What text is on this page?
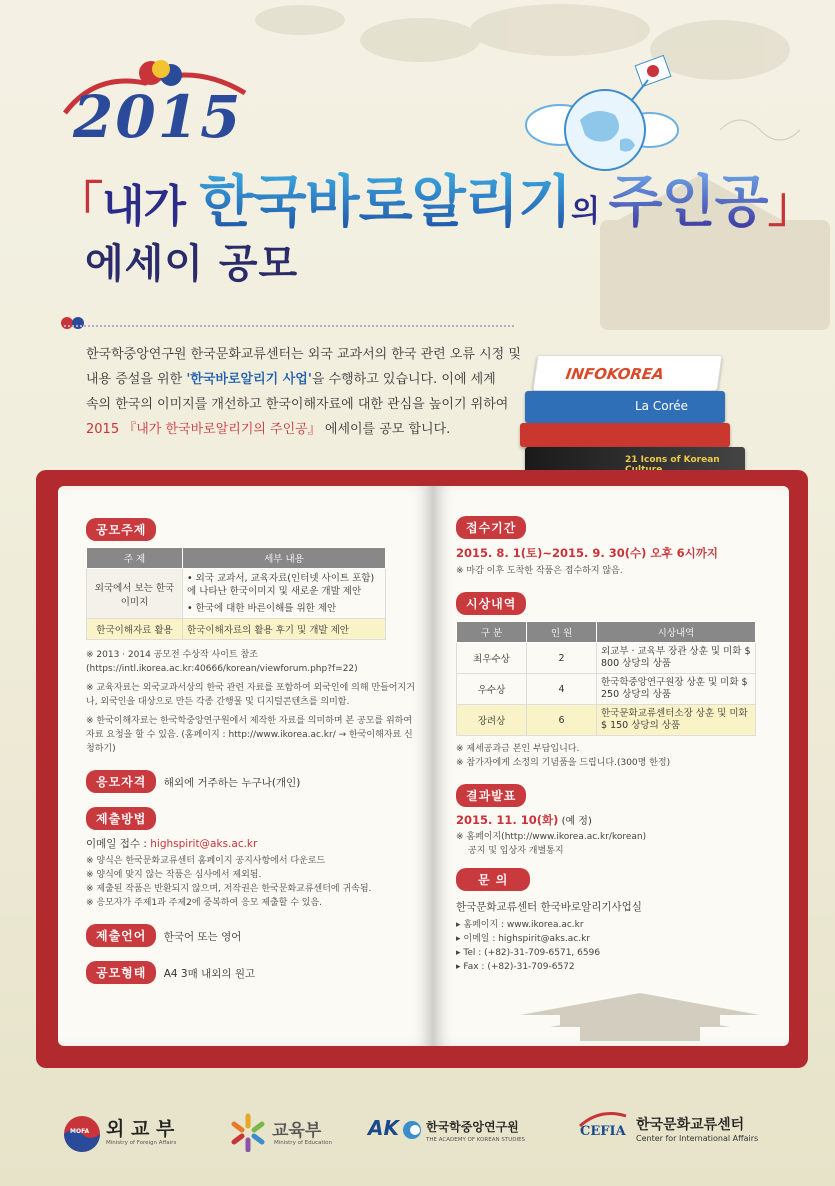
2015
「내가 한국바로알리기의 주인공」
에세이 공모
한국학중앙연구원 한국문화교류센터는 외국 교과서의 한국 관련 오류 시정 및
내용 증설을 위한 '한국바로알리기 사업'을 수행하고 있습니다. 이에 세계
속의 한국의 이미지를 개선하고 한국이해자료에 대한 관심을 높이기 위하여
2015 『내가 한국바로알리기의 주인공』 에세이를 공모 합니다.
INFOKOREA
La Corée
21 Icons of Korean
공모주제
주 제	세부 내용
외국에서 보는 한국 이미지	• 외국 교과서, 교육자료(인터넷 사이트 포함)에 나타난 한국이미지 및 새로운 개발 제안
• 한국에 대한 바른이해를 위한 제안

한국이해자료 활용	한국이해자료의 활용 후기 및 개발 제안
※ 2013 · 2014 공모전 수상작 사이트 참조 (https://intl.ikorea.ac.kr:40666/korean/viewforum.php?f=22)
※ 교육자료는 외국교과서상의 한국 관련 자료를 포함하여 외국인에 의해 만들어지거나, 외국인을 대상으로 만든 각종 간행물 및 디지털콘텐츠를 의미함.
※ 한국이해자료는 한국학중앙연구원에서 제작한 자료를 의미하며 본 공모를 위하여 자료 요청을 할 수 있음. (홈페이지 : http://www.ikorea.ac.kr/ → 한국이해자료 신청하기)
응모자격 해외에 거주하는 누구나(개인)
제출방법
이메일 접수 : highspirit@aks.ac.kr
※ 양식은 한국문화교류센터 홈페이지 공지사항에서 다운로드
※ 양식에 맞지 않는 작품은 심사에서 제외됨.
※ 제출된 작품은 반환되지 않으며, 저작권은 한국문화교류센터에 귀속됨.
※ 응모자가 주제1과 주제2에 중복하여 응모 제출할 수 있음.
제출언어 한국어 또는 영어
공모형태 A4 3매 내외의 원고
접수기간
2015. 8. 1(토)~2015. 9. 30(수) 오후 6시까지
※ 마감 이후 도착한 작품은 접수하지 않음.
시상내역
구 분	인 원	시상내역
최우수상	2	외교부 · 교육부 장관 상훈 및 미화 $ 800 상당의 상품
우수상	4	한국학중앙연구원장 상훈 및 미화 $ 250 상당의 상품
장려상	6	한국문화교류센터소장 상훈 및 미화 $ 150 상당의 상품
※ 제세공과금 본인 부담입니다.
※ 참가자에게 소정의 기념품을 드립니다.(300명 한정)
결과발표
2015. 11. 10(화) (예 정)
※ 홈페이지(http://www.ikorea.ac.kr/korean)
공지 및 입상자 개별통지
문 의
한국문화교류센터 한국바로알리기사업실
▸ 홈페이지 : www.ikorea.ac.kr
▸ 이메일 : highspirit@aks.ac.kr
▸ Tel : (+82)-31-709-6571, 6596
▸ Fax : (+82)-31-709-6572
MOFA 외 교 부
Ministry of Foreign Affairs
교육부
Ministry of Education
AK 한국학중앙연구원
THE ACADEMY OF KOREAN STUDIES
CEFIA 한국문화교류센터
Center for International Affairs
